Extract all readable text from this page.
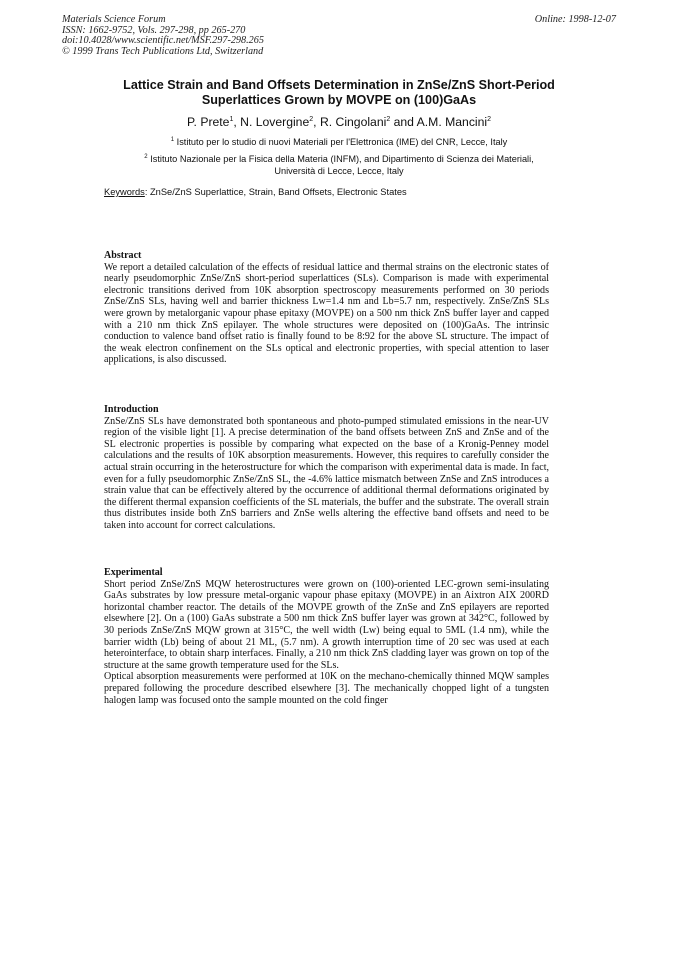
Materials Science Forum
ISSN: 1662-9752, Vols. 297-298, pp 265-270
doi:10.4028/www.scientific.net/MSF.297-298.265
© 1999 Trans Tech Publications Ltd, Switzerland
Online: 1998-12-07
Lattice Strain and Band Offsets Determination in ZnSe/ZnS Short-Period
Superlattices Grown by MOVPE on (100)GaAs
P. Prete$^1$, N. Lovergine$^2$, R. Cingolani$^2$ and A.M. Mancini$^2$
$^1$ Istituto per lo studio di nuovi Materiali per l'Elettronica (IME) del CNR, Lecce, Italy
$^2$ Istituto Nazionale per la Fisica della Materia (INFM), and Dipartimento di Scienza dei Materiali,
Università di Lecce, Lecce, Italy
Keywords: ZnSe/ZnS Superlattice, Strain, Band Offsets, Electronic States
Abstract

We report a detailed calculation of the effects of residual lattice and thermal strains on the electronic states of nearly pseudomorphic ZnSe/ZnS short-period superlattices (SLs). Comparison is made with experimental electronic transitions derived from 10K absorption spectroscopy measurements performed on 30 periods ZnSe/ZnS SLs, having well and barrier thickness Lw=1.4 nm and Lb=5.7 nm, respectively. ZnSe/ZnS SLs were grown by metalorganic vapour phase epitaxy (MOVPE) on a 500 nm thick ZnS buffer layer and capped with a 210 nm thick ZnS epilayer. The whole structures were deposited on (100)GaAs. The intrinsic conduction to valence band offset ratio is finally found to be 8:92 for the above SL structure. The impact of the weak electron confinement on the SLs optical and electronic properties, with special attention to laser applications, is also discussed.

Introduction

ZnSe/ZnS SLs have demonstrated both spontaneous and photo-pumped stimulated emissions in the near-UV region of the visible light [1]. A precise determination of the band offsets between ZnS and ZnSe and of the SL electronic properties is possible by comparing what expected on the base of a Kronig-Penney model calculations and the results of 10K absorption measurements. However, this requires to carefully consider the actual strain occurring in the heterostructure for which the comparison with experimental data is made. In fact, even for a fully pseudomorphic ZnSe/ZnS SL, the -4.6% lattice mismatch between ZnSe and ZnS introduces a strain value that can be effectively altered by the occurrence of additional thermal deformations originated by the different thermal expansion coefficients of the SL materials, the buffer and the substrate. The overall strain thus distributes inside both ZnS barriers and ZnSe wells altering the effective band offsets and need to be taken into account for correct calculations.

Experimental

Short period ZnSe/ZnS MQW heterostructures were grown on (100)-oriented LEC-grown semi-insulating GaAs substrates by low pressure metal-organic vapour phase epitaxy (MOVPE) in an Aixtron AIX 200RD horizontal chamber reactor. The details of the MOVPE growth of the ZnSe and ZnS epilayers are reported elsewhere [2]. On a (100) GaAs substrate a 500 nm thick ZnS buffer layer was grown at 342°C, followed by 30 periods ZnSe/ZnS MQW grown at 315°C, the well width (Lw) being equal to 5ML (1.4 nm), while the barrier width (Lb) being of about 21 ML, (5.7 nm). A growth interruption time of 20 sec was used at each heterointerface, to obtain sharp interfaces. Finally, a 210 nm thick ZnS cladding layer was grown on top of the structure at the same growth temperature used for the SLs.

Optical absorption measurements were performed at 10K on the mechano-chemically thinned MQW samples prepared following the procedure described elsewhere [3]. The mechanically chopped light of a tungsten halogen lamp was focused onto the sample mounted on the cold finger
